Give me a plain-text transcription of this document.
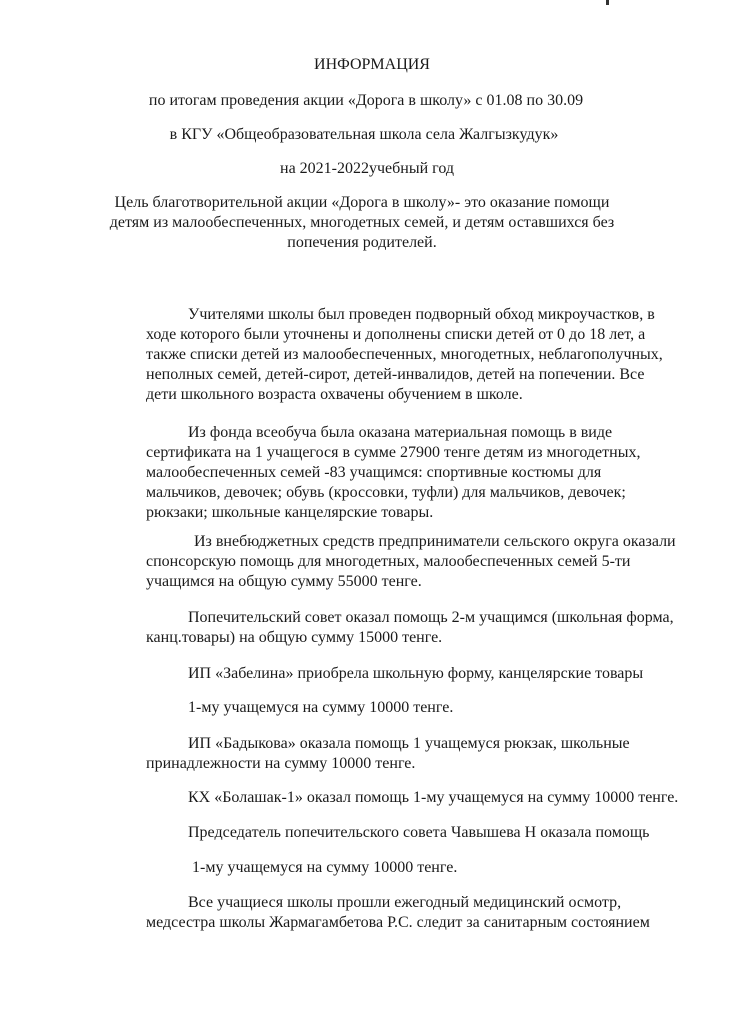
ИНФОРМАЦИЯ
по итогам проведения акции «Дорога в школу» с 01.08 по 30.09
в КГУ «Общеобразовательная школа села Жалгызкудук»
на 2021-2022учебный год
Цель благотворительной акции «Дорога в школу»- это оказание помощи
детям из малообеспеченных, многодетных семей, и детям оставшихся без
попечения родителей.
Учителями школы был проведен подворный обход микроучастков, в
ходе которого были уточнены и дополнены списки детей от 0 до 18 лет, а
также списки детей из малообеспеченных, многодетных, неблагополучных,
неполных семей, детей-сирот, детей-инвалидов, детей на попечении. Все
дети школьного возраста охвачены обучением в школе.
Из фонда всеобуча была оказана материальная помощь в виде
сертификата на 1 учащегося в сумме 27900 тенге детям из многодетных,
малообеспеченных семей -83 учащимся: спортивные костюмы для
мальчиков, девочек; обувь (кроссовки, туфли) для мальчиков, девочек;
рюкзаки; школьные канцелярские товары.
Из внебюджетных средств предприниматели сельского округа оказали
спонсорскую помощь для многодетных, малообеспеченных семей 5-ти
учащимся на общую сумму 55000 тенге.
Попечительский совет оказал помощь 2-м учащимся (школьная форма,
канц.товары) на общую сумму 15000 тенге.
ИП «Забелина» приобрела школьную форму, канцелярские товары
1-му учащемуся на сумму 10000 тенге.
ИП «Бадыкова» оказала помощь 1 учащемуся рюкзак, школьные
принадлежности на сумму 10000 тенге.
КХ «Болашак-1» оказал помощь 1-му учащемуся на сумму 10000 тенге.
Председатель попечительского совета Чавышева Н оказала помощь
1-му учащемуся на сумму 10000 тенге.
Все учащиеся школы прошли ежегодный медицинский осмотр,
медсестра школы Жармагамбетова Р.С. следит за санитарным состоянием
